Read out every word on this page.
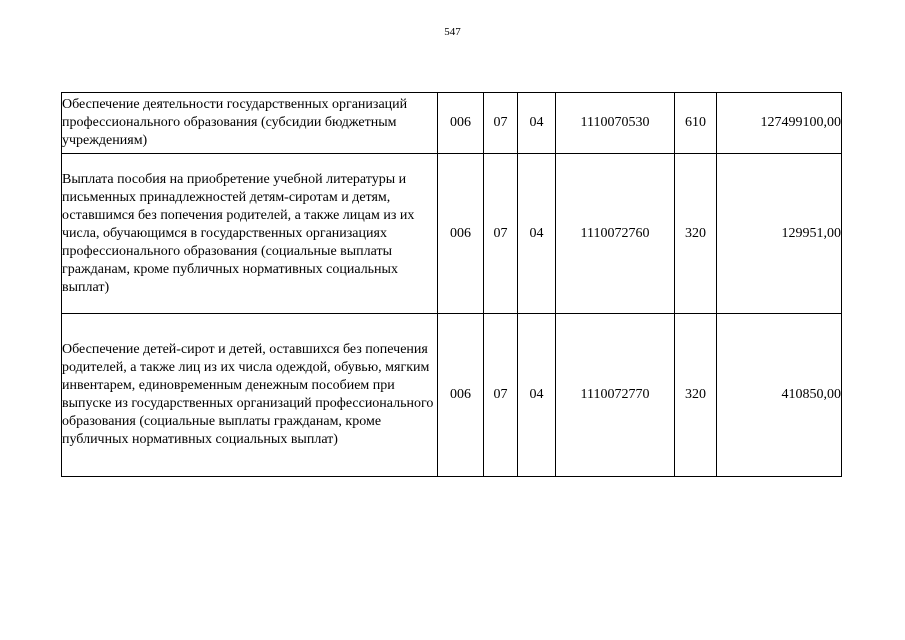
547
Обеспечение деятельности государственных организаций профессионального образования (субсидии бюджетным учреждениям)	006	07	04	1110070530	610	127499100,00
Выплата пособия на приобретение учебной литературы и письменных принадлежностей детям-сиротам и детям, оставшимся без попечения родителей, а также лицам из их числа, обучающимся в государственных организациях профессионального образования (социальные выплаты гражданам, кроме публичных нормативных социальных выплат)	006	07	04	1110072760	320	129951,00
Обеспечение детей-сирот и детей, оставшихся без попечения родителей, а также лиц из их числа одеждой, обувью, мягким инвентарем, единовременным денежным пособием при выпуске из государственных организаций профессионального образования (социальные выплаты гражданам, кроме публичных нормативных социальных выплат)	006	07	04	1110072770	320	410850,00
